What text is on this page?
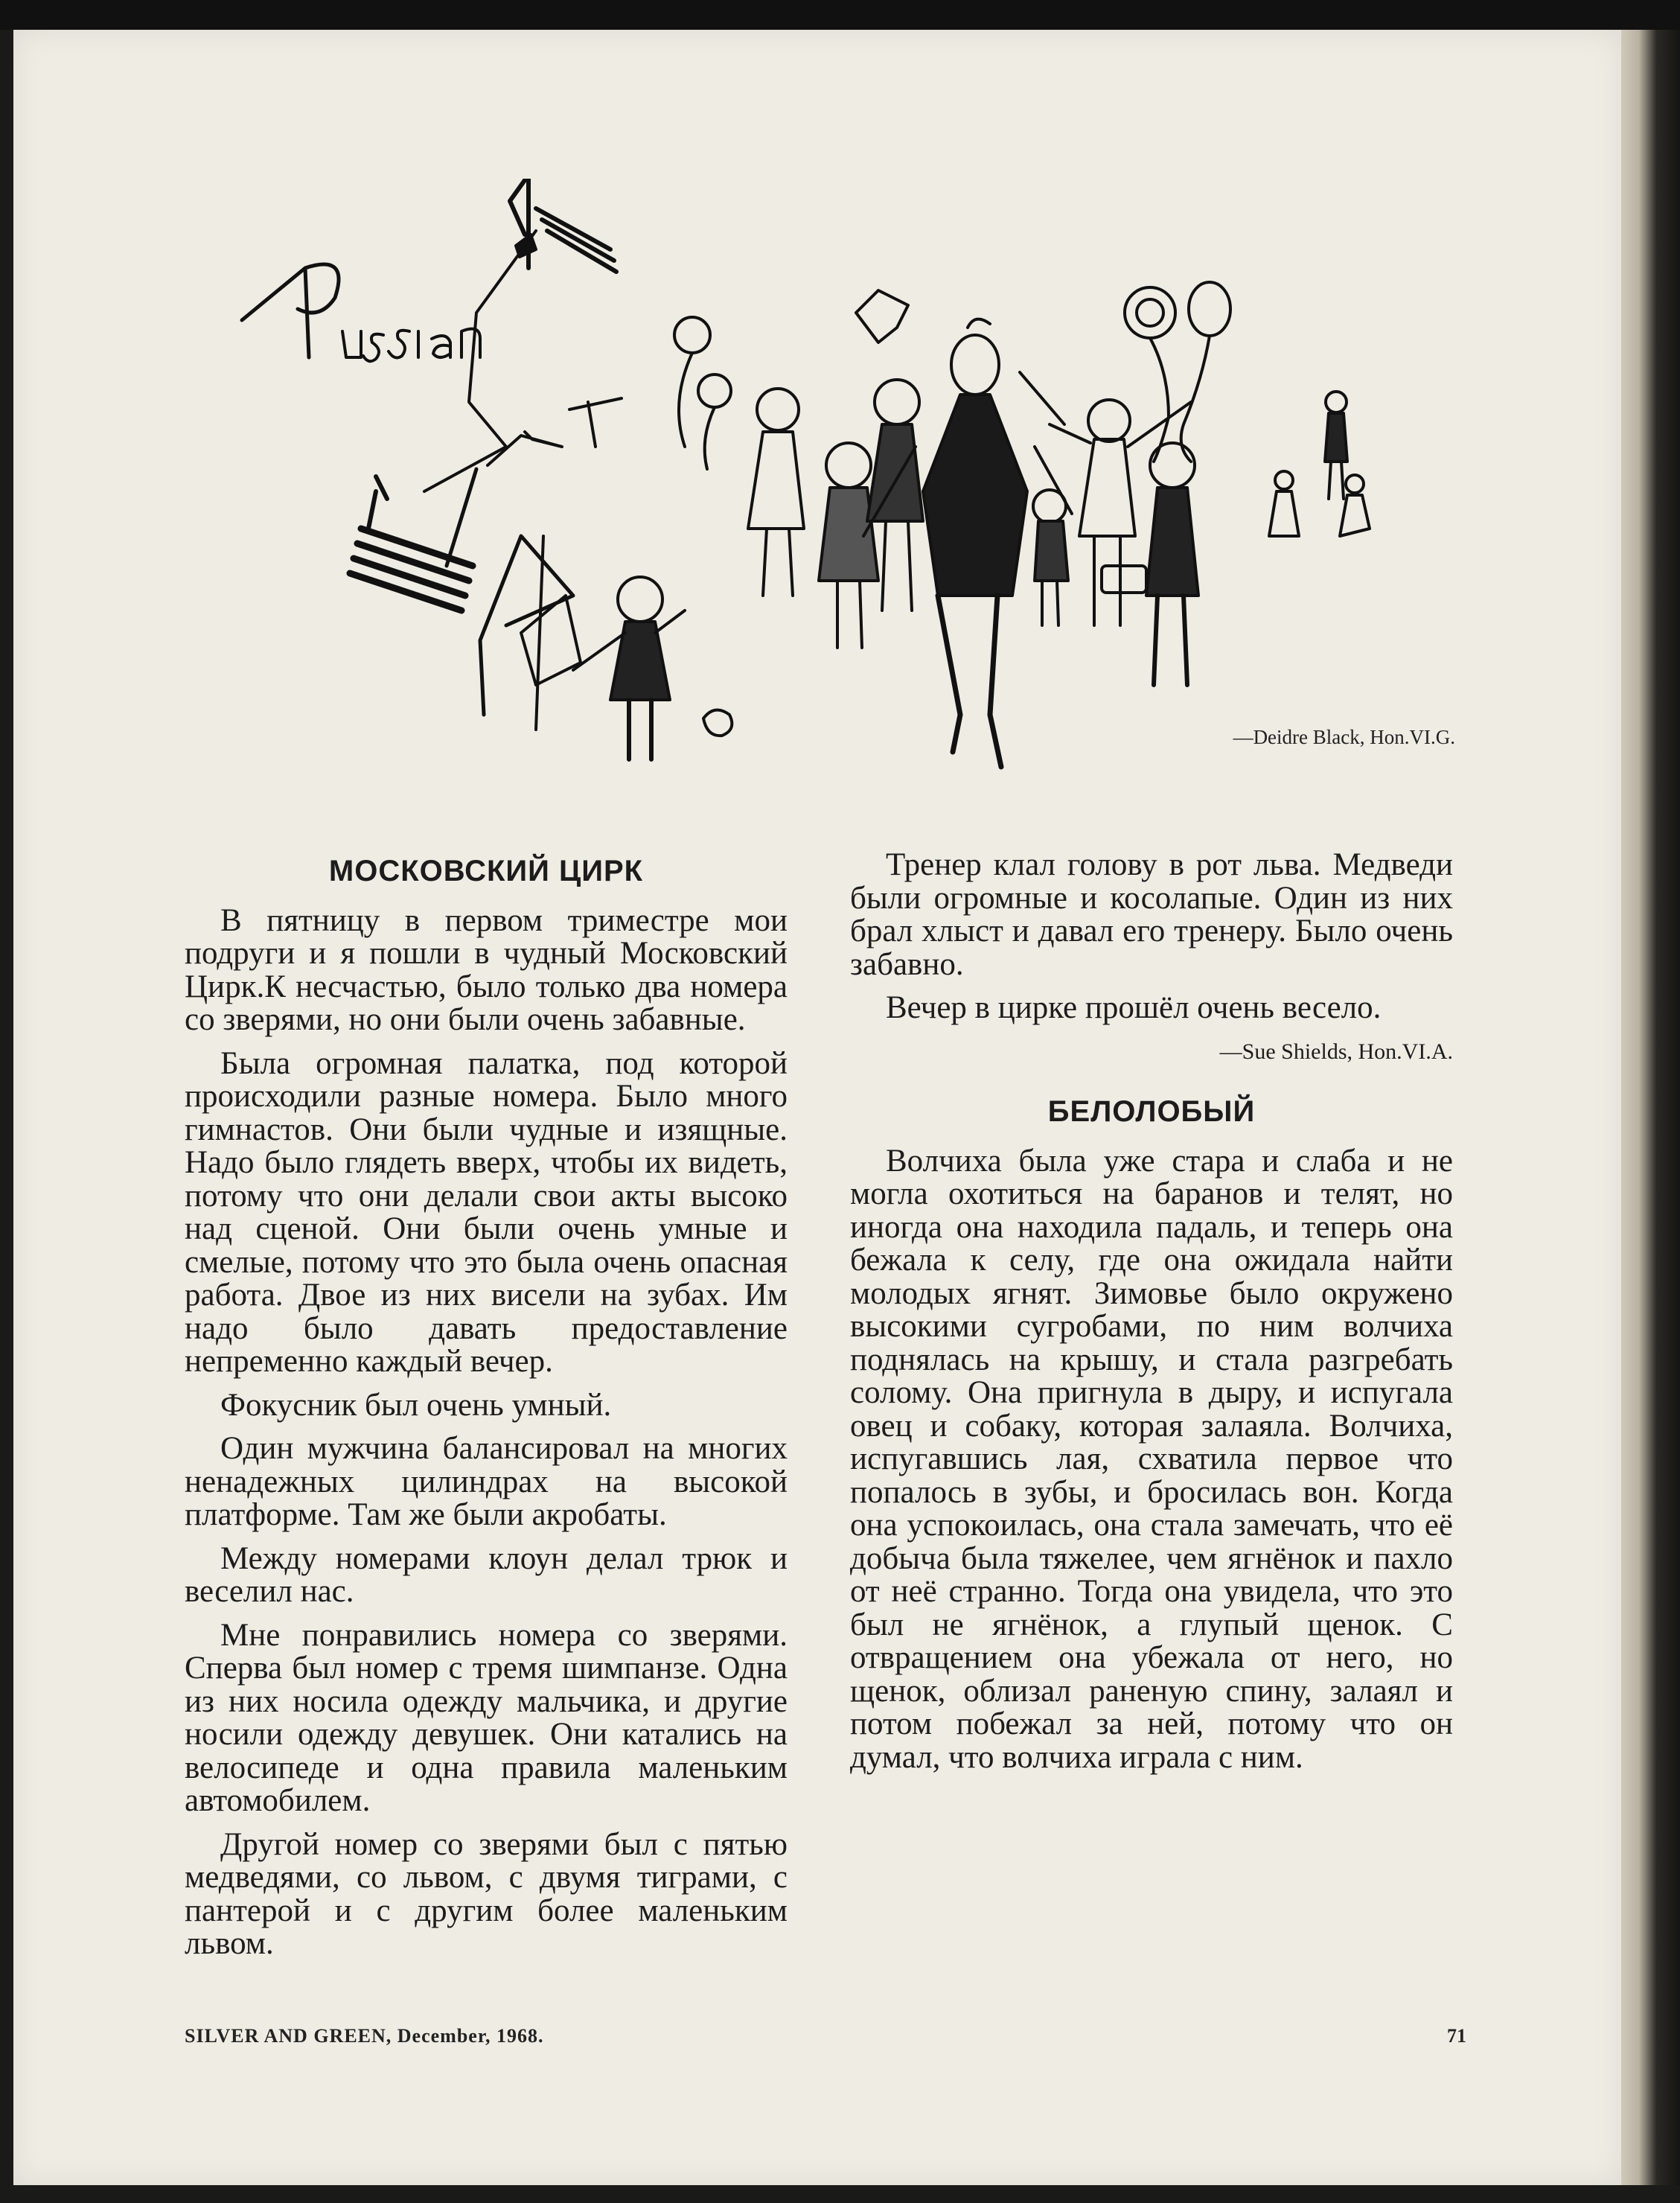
—Deidre Black, Hon.VI.G.
МОСКОВСКИЙ ЦИРК

В пятницу в первом триместре мои подруги и я пошли в чудный Московский Цирк.К несчастью, было только два номера со зверями, но они были очень забавные.

Была огромная палатка, под которой происходили разные номера. Было много гимнастов. Они были чудные и изящные. Надо было глядеть вверх, чтобы их видеть, потому что они делали свои акты высоко над сценой. Они были очень умные и смелые, потому что это была очень опасная работа. Двое из них висели на зубах. Им надо было давать предоставление непременно каждый вечер.

Фокусник был очень умный.

Один мужчина балансировал на многих ненадежных цилиндрах на высокой платформе. Там же были акробаты.

Между номерами клоун делал трюк и веселил нас.

Мне понравились номера со зверями. Сперва был номер с тремя шимпанзе. Одна из них носила одежду мальчика, и другие носили одежду девушек. Они катались на велосипеде и одна правила маленьким автомобилем.

Другой номер со зверями был с пятью медведями, со львом, с двумя тиграми, с пантерой и с другим более маленьким львом.

Тренер клал голову в рот льва. Медведи были огромные и косолапые. Один из них брал хлыст и давал его тренеру. Было очень забавно.

Вечер в цирке прошёл очень весело.

—Sue Shields, Hon.VI.A.
БЕЛОЛОБЫЙ

Волчиха была уже стара и слаба и не могла охотиться на баранов и телят, но иногда она находила падаль, и теперь она бежала к селу, где она ожидала найти молодых ягнят. Зимовье было окружено высокими сугробами, по ним волчиха поднялась на крышу, и стала разгребать солому. Она пригнула в дыру, и испугала овец и собаку, которая залаяла. Волчиха, испугавшись лая, схватила первое что попалось в зубы, и бросилась вон. Когда она успокоилась, она стала замечать, что её добыча была тяжелее, чем ягнёнок и пахло от неё странно. Тогда она увидела, что это был не ягнёнок, а глупый щенок. С отвращением она убежала от него, но щенок, облизал раненую спину, залаял и потом побежал за ней, потому что он думал, что волчиха играла с ним.

SILVER AND GREEN, December, 1968.	71
